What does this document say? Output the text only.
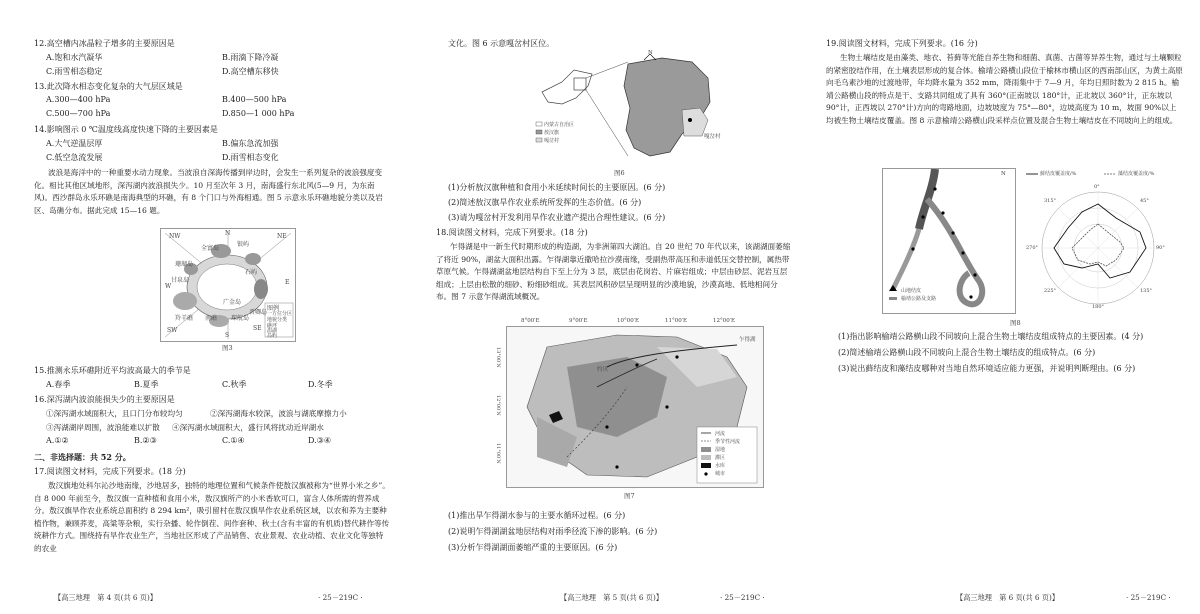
12.高空槽内冰晶粒子增多的主要原因是
A.饱和水汽凝华	B.雨滴下降冷凝
C.雨雪相态稳定	D.高空槽东移快
13.此次降水相态变化复杂的大气层区域是
A.300—400 hPa	B.400—500 hPa
C.500—700 hPa	D.850—1 000 hPa
14.影响图示 0 ℃温度线高度快速下降的主要因素是
A.大气逆温层厚	B.偏东急流加强
C.低空急流发展	D.雨雪相态变化
波浪是海洋中的一种重要水动力现象。当波浪自深海传播到岸边时，会发生一系列复杂的波浪强度变化。相比其他区域地形，深泻湖内波浪损失少。10 月至次年 3 月，南海盛行东北风(5—9 月，为东南风)。西沙群岛永乐环礁是南海典型的环礁，有 8 个门口与外海相通。图 5 示意永乐环礁地貌分类以及岩区、岛礁分布。据此完成 15—16 题。
NW	N	NE
W
E
SW
S
SE
银屿
全富岛
石屿
甘泉岛
珊瑚岛
晋卿岛
广金岛
琛航岛
羚羊礁 南礁
图例
一方位分区
地貌分类
礁坪
潟湖
岛屿
图3
15.推测永乐环礁附近平均波高最大的季节是
A.春季	B.夏季	C.秋季	D.冬季
16.深泻湖内波浪能损失少的主要原因是
①深泻湖水域面积大，且口门分布较均匀	②深泻湖海水较深，波浪与湖底摩擦力小
③泻湖湖岸周围，波浪能难以扩散 ④深泻湖水域面积大，盛行风将扰动近岸湖水
A.①②	B.②③	C.①④	D.③④
二、非选择题：共 52 分。
17.阅读图文材料，完成下列要求。(18 分)
敖汉旗地处科尔沁沙地南缘，沙地居多，独特的地理位置和气候条件使敖汉旗被称为“世界小米之乡”。自 8 000 年前至今，敖汉旗一直种植和食用小米，敖汉旗所产的小米香软可口，富含人体所需的营养成分。敖汉旗旱作农业系统总面积约 8 294 km²，吸引留村在敖汉旗旱作农业系统区域，以农和养为主要种植作物，兼顾荞麦，高粱等杂粮，实行杂播、轮作倒茬、间作套种、秋土(含有丰富的有机质)替代耕作等传统耕作方式。围绕持有旱作农业生产，当地社区形成了产品销售、农业景观、农业动植、农业文化等独特的农业
【高三地理　第 4 页(共 6 页)】	· 25－219C ·
文化。图 6 示意嘎岔村区位。
N
嘎岔村
内蒙古自治区
敖汉旗
嘎岔村
图6
(1)分析敖汉旗种植和食用小米延续时间长的主要原因。(6 分)
(2)简述敖汉旗旱作农业系统所发挥的生态价值。(6 分)
(3)请为嘎岔村开发利用旱作农业遗产提出合理性建议。(6 分)
18.阅读图文材料，完成下列要求。(18 分)
乍得湖是中一新生代时期形成的构造湖，为非洲第四大湖泊。自 20 世纪 70 年代以来，该湖湖面萎缩了将近 90%，湖盆大面积出露。乍得湖靠近撒哈拉沙漠南缘，受副热带高压和赤道低压交替控制，属热带草原气候。乍得湖湖盆地层结构自下至上分为 3 层，底层由花岗岩、片麻岩组成；中层由砂层、泥岩互层组成；上层由松散的细砂、粉细砂组成。其表层风积砂层呈现明显的沙漠地貌，沙漠高地、低地相间分布。图 7 示意乍得湖流域概况。
8°00′E	9°00′E	10°00′E	11°00′E	12°00′E
13°00′N
12°00′N
11°00′N
乍得湖
约贝
河流
季节性河流
湿地
灌区
水库
城市
图7
(1)推出旱乍得湖水参与的主要水循环过程。(6 分)
(2)说明乍得湖湖盆地层结构对雨季径流下渗的影响。(6 分)
(3)分析乍得湖湖面萎缩严重的主要原因。(6 分)
【高三地理　第 5 页(共 6 页)】	· 25－219C ·
19.阅读图文材料，完成下列要求。(16 分)
生物土壤结皮是由藻类、地衣、苔藓等光能自养生物和细菌、真菌、古菌等异养生物，通过与土壤颗粒的紧密胶结作用，在土壤表层形成的复合体。榆靖公路横山段位于榆林市横山区的西南部山区，为黄土高原向毛乌素沙地的过渡地带，年均降水量为 352 mm，降雨集中于 7—9 月，年均日照时数为 2 815 h。榆靖公路横山段的特点是干、支路共同组成了具有 360°(正南坡以 180°计，正北坡以 360°计，正东坡以 90°计，正西坡以 270°计)方向的弯路地面，边坡坡度为 75°—80°，边坡高度为 10 m，坡面 90%以上均被生物土壤结皮覆盖。图 8 示意榆靖公路横山段采样点位置及混合生物土壤结皮在不同坡向上的组成。
N
山地结皮
榆靖公路及支路
藓结皮覆盖度/%	藻结皮覆盖度/%
0°
90°
180°
270°
45°
135°
225°
315°
图8
(1)指出影响榆靖公路横山段不同坡向上混合生物土壤结皮组成特点的主要因素。(4 分)
(2)简述榆靖公路横山段不同坡向上混合生物土壤结皮的组成特点。(6 分)
(3)说出藓结皮和藻结皮哪种对当地自然环境适应能力更强，并说明判断理由。(6 分)
【高三地理　第 6 页(共 6 页)】	· 25－219C ·
